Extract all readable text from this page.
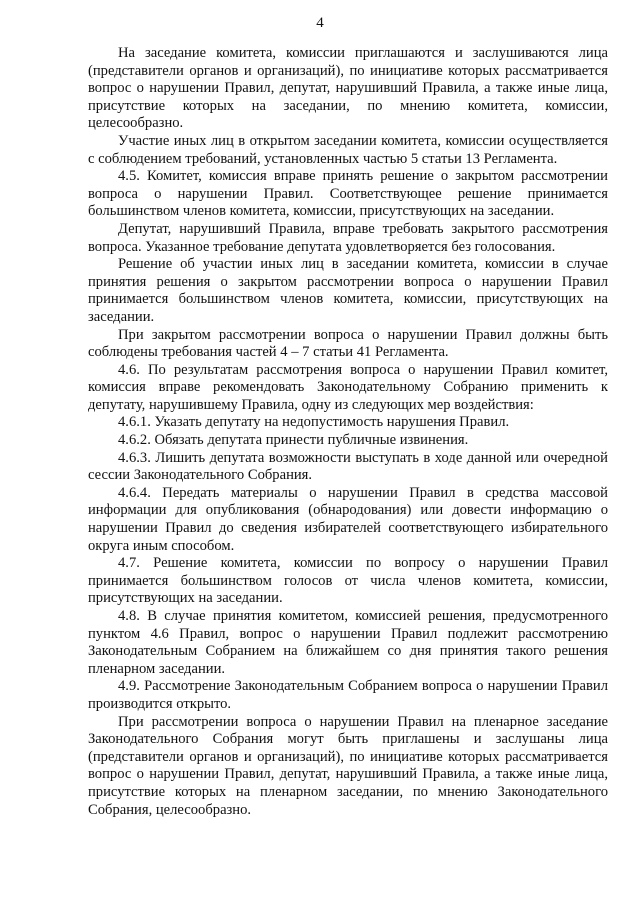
4

На заседание комитета, комиссии приглашаются и заслушиваются лица (представители органов и организаций), по инициативе которых рассматривается вопрос о нарушении Правил, депутат, нарушивший Правила, а также иные лица, присутствие которых на заседании, по мнению комитета, комиссии, целесообразно.

Участие иных лиц в открытом заседании комитета, комиссии осуществляется с соблюдением требований, установленных частью 5 статьи 13 Регламента.

4.5. Комитет, комиссия вправе принять решение о закрытом рассмотрении вопроса о нарушении Правил. Соответствующее решение принимается большинством членов комитета, комиссии, присутствующих на заседании.

Депутат, нарушивший Правила, вправе требовать закрытого рассмотрения вопроса. Указанное требование депутата удовлетворяется без голосования.

Решение об участии иных лиц в заседании комитета, комиссии в случае принятия решения о закрытом рассмотрении вопроса о нарушении Правил принимается большинством членов комитета, комиссии, присутствующих на заседании.

При закрытом рассмотрении вопроса о нарушении Правил должны быть соблюдены требования частей 4 – 7 статьи 41 Регламента.

4.6. По результатам рассмотрения вопроса о нарушении Правил комитет, комиссия вправе рекомендовать Законодательному Собранию применить к депутату, нарушившему Правила, одну из следующих мер воздействия:

4.6.1. Указать депутату на недопустимость нарушения Правил.

4.6.2. Обязать депутата принести публичные извинения.

4.6.3. Лишить депутата возможности выступать в ходе данной или очередной сессии Законодательного Собрания.

4.6.4. Передать материалы о нарушении Правил в средства массовой информации для опубликования (обнародования) или довести информацию о нарушении Правил до сведения избирателей соответствующего избирательного округа иным способом.

4.7. Решение комитета, комиссии по вопросу о нарушении Правил принимается большинством голосов от числа членов комитета, комиссии, присутствующих на заседании.

4.8. В случае принятия комитетом, комиссией решения, предусмотренного пунктом 4.6 Правил, вопрос о нарушении Правил подлежит рассмотрению Законодательным Собранием на ближайшем со дня принятия такого решения пленарном заседании.

4.9. Рассмотрение Законодательным Собранием вопроса о нарушении Правил производится открыто.

При рассмотрении вопроса о нарушении Правил на пленарное заседание Законодательного Собрания могут быть приглашены и заслушаны лица (представители органов и организаций), по инициативе которых рассматривается вопрос о нарушении Правил, депутат, нарушивший Правила, а также иные лица, присутствие которых на пленарном заседании, по мнению Законодательного Собрания, целесообразно.
